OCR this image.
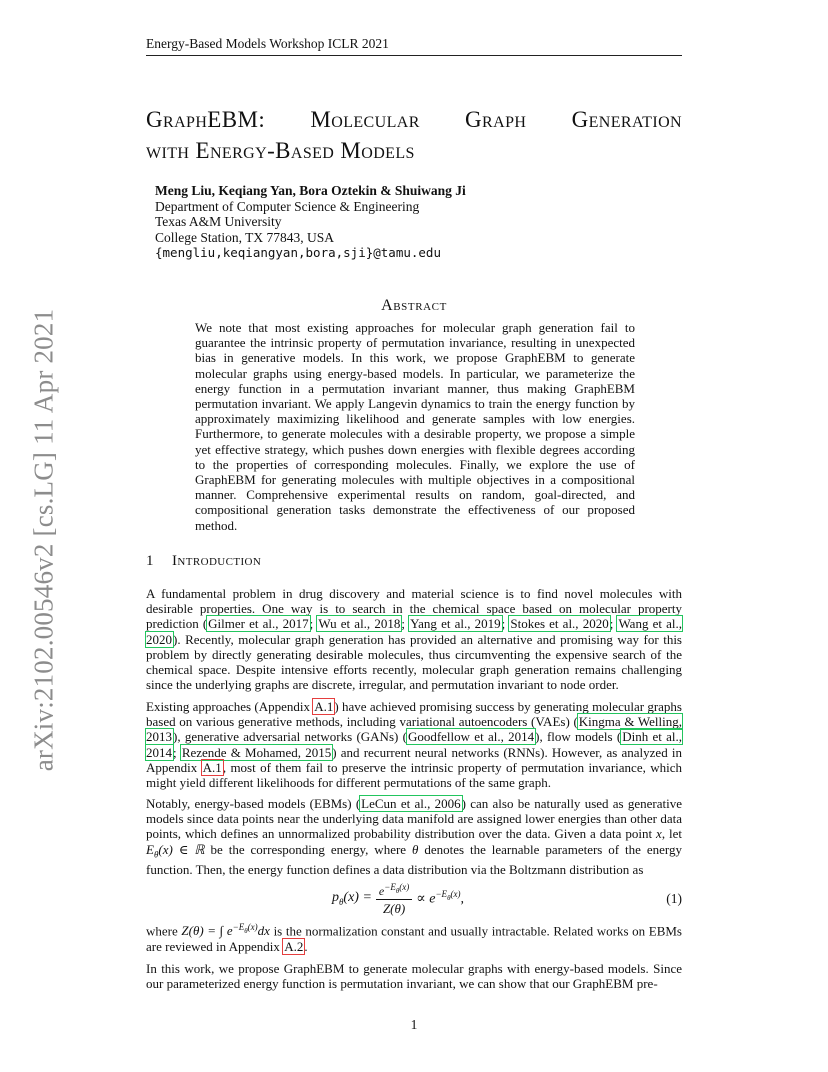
Energy-Based Models Workshop ICLR 2021
arXiv:2102.00546v2 [cs.LG] 11 Apr 2021
GraphEBM: Molecular Graph Generation
with Energy-Based Models
Meng Liu, Keqiang Yan, Bora Oztekin & Shuiwang Ji
Department of Computer Science & Engineering
Texas A&M University
College Station, TX 77843, USA
{mengliu,keqiangyan,bora,sji}@tamu.edu
Abstract
We note that most existing approaches for molecular graph generation fail to guarantee the intrinsic property of permutation invariance, resulting in unexpected bias in generative models. In this work, we propose GraphEBM to generate molecular graphs using energy-based models. In particular, we parameterize the energy function in a permutation invariant manner, thus making GraphEBM permutation invariant. We apply Langevin dynamics to train the energy function by approximately maximizing likelihood and generate samples with low energies. Furthermore, to generate molecules with a desirable property, we propose a simple yet effective strategy, which pushes down energies with flexible degrees according to the properties of corresponding molecules. Finally, we explore the use of GraphEBM for generating molecules with multiple objectives in a compositional manner. Comprehensive experimental results on random, goal-directed, and compositional generation tasks demonstrate the effectiveness of our proposed method.
1 Introduction
A fundamental problem in drug discovery and material science is to find novel molecules with desirable properties. One way is to search in the chemical space based on molecular property prediction (Gilmer et al., 2017; Wu et al., 2018; Yang et al., 2019; Stokes et al., 2020; Wang et al., 2020). Recently, molecular graph generation has provided an alternative and promising way for this problem by directly generating desirable molecules, thus circumventing the expensive search of the chemical space. Despite intensive efforts recently, molecular graph generation remains challenging since the underlying graphs are discrete, irregular, and permutation invariant to node order.
Existing approaches (Appendix A.1) have achieved promising success by generating molecular graphs based on various generative methods, including variational autoencoders (VAEs) (Kingma & Welling, 2013), generative adversarial networks (GANs) (Goodfellow et al., 2014), flow models (Dinh et al., 2014; Rezende & Mohamed, 2015) and recurrent neural networks (RNNs). However, as analyzed in Appendix A.1, most of them fail to preserve the intrinsic property of permutation invariance, which might yield different likelihoods for different permutations of the same graph.
Notably, energy-based models (EBMs) (LeCun et al., 2006) can also be naturally used as generative models since data points near the underlying data manifold are assigned lower energies than other data points, which defines an unnormalized probability distribution over the data. Given a data point x, let $E_\theta(x)$ ∈ ℝ be the corresponding energy, where θ denotes the learnable parameters of the energy function. Then, the energy function defines a data distribution via the Boltzmann distribution as
$p_\theta(x) = \frac{e^{-E_\theta(x)}}{Z(\theta)} \propto e^{-E_\theta(x)}$,	(1)
where Z(θ) = ∫ $e^{-E_\theta(x)}dx$ is the normalization constant and usually intractable. Related works on EBMs are reviewed in Appendix A.2.
In this work, we propose GraphEBM to generate molecular graphs with energy-based models. Since our parameterized energy function is permutation invariant, we can show that our GraphEBM pre-
1
